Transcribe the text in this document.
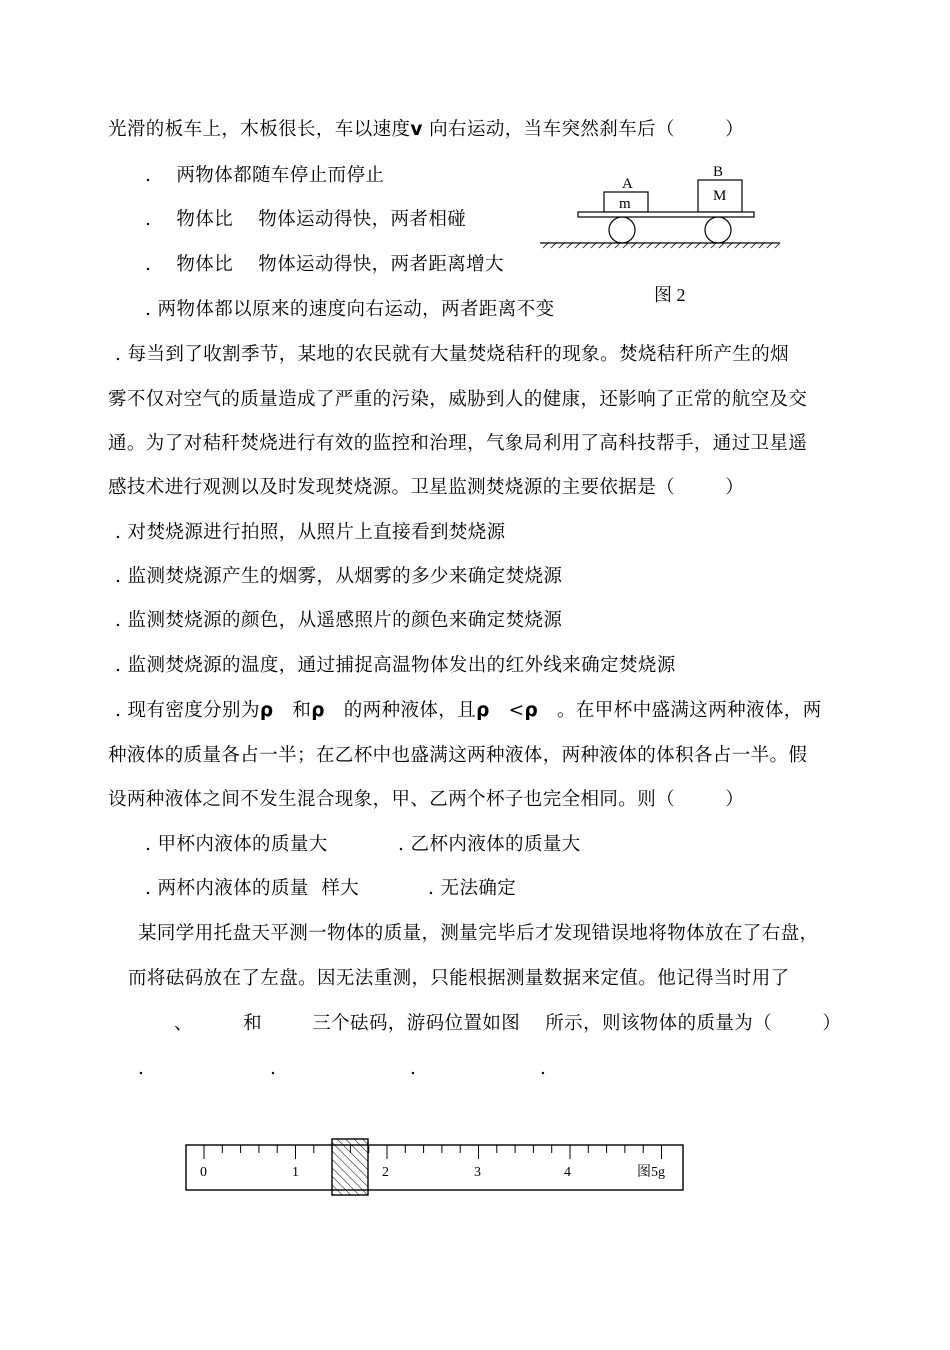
光滑的板车上，木板很长，车以速度v 向右运动，当车突然刹车后（        ）
.    两物体都随车停止而停止
.    物体比    物体运动得快，两者相碰
.    物体比    物体运动得快，两者距离增大
. 两物体都以原来的速度向右运动，两者距离不变
A
m
B
M
图 2
. 每当到了收割季节，某地的农民就有大量焚烧秸秆的现象。焚烧秸秆所产生的烟
雾不仅对空气的质量造成了严重的污染，威胁到人的健康，还影响了正常的航空及交
通。为了对秸秆焚烧进行有效的监控和治理，气象局利用了高科技帮手，通过卫星遥
感技术进行观测以及时发现焚烧源。卫星监测焚烧源的主要依据是（        ）
. 对焚烧源进行拍照，从照片上直接看到焚烧源
. 监测焚烧源产生的烟雾，从烟雾的多少来确定焚烧源
. 监测焚烧源的颜色，从遥感照片的颜色来确定焚烧源
. 监测焚烧源的温度，通过捕捉高温物体发出的红外线来确定焚烧源
. 现有密度分别为ρ   和ρ   的两种液体，且ρ   <ρ   。在甲杯中盛满这两种液体，两
种液体的质量各占一半；在乙杯中也盛满这两种液体，两种液体的体积各占一半。假
设两种液体之间不发生混合现象，甲、乙两个杯子也完全相同。则（        ）
. 甲杯内液体的质量大	. 乙杯内液体的质量大
. 两杯内液体的质量  样大	. 无法确定
某同学用托盘天平测一物体的质量，测量完毕后才发现错误地将物体放在了右盘，
而将砝码放在了左盘。因无法重测，只能根据测量数据来定值。他记得当时用了
、        和        三个砝码，游码位置如图    所示，则该物体的质量为（        ）
.	.	.	.
0	1	2	3	4	图5g
